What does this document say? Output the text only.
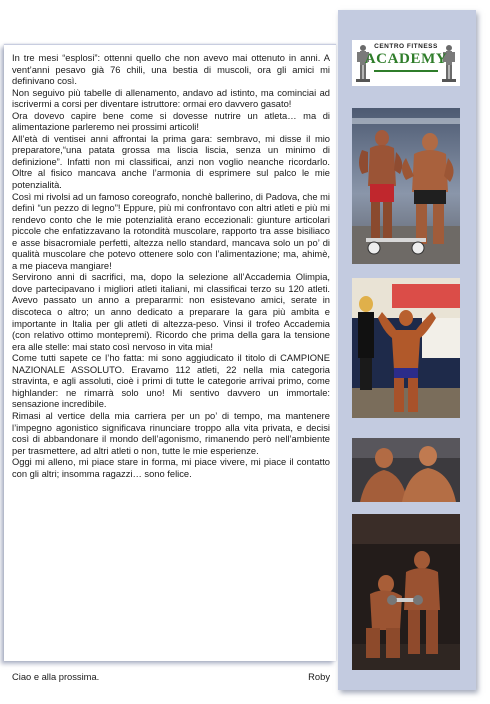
In tre mesi “esplosi”: ottenni quello che non avevo mai ottenuto in anni. A vent’anni pesavo già 76 chili, una bestia di muscoli, ora gli amici mi definivano così.

Non seguivo più tabelle di allenamento, andavo ad istinto, ma cominciai ad iscrivermi a corsi per diventare istruttore: ormai ero davvero gasato!

Ora dovevo capire bene come si dovesse nutrire un atleta… ma di alimentazione parleremo nei prossimi articoli!

All’età di ventisei anni affrontai la prima gara: sembravo, mi disse il mio preparatore,“una patata grossa ma liscia liscia, senza un minimo di definizione”. Infatti non mi classificai, anzi non voglio neanche ricordarlo. Oltre al fisico mancava anche l’armonia di esprimere sul palco le mie potenzialità.

Così mi rivolsi ad un famoso coreografo, nonchè ballerino, di Padova, che mi definì “un pezzo di legno”! Eppure, più mi confrontavo con altri atleti e più mi rendevo conto che le mie potenzialità erano eccezionali: giunture articolari piccole che enfatizzavano la rotondità muscolare, rapporto tra asse bisiliaco e asse bisacromiale perfetti, altezza nello standard, mancava solo un po’ di qualità muscolare che potevo ottenere solo con l’alimentazione; ma, ahimè, a me piaceva mangiare!

Servirono anni di sacrifici, ma, dopo la selezione all’Accademia Olimpia, dove partecipavano i migliori atleti italiani, mi classificai terzo su 120 atleti. Avevo passato un anno a prepararmi: non esistevano amici, serate in discoteca o altro; un anno dedicato a preparare la gara più ambita e importante in Italia per gli atleti di altezza-peso. Vinsi il trofeo Accademia (con relativo ottimo montepremi). Ricordo che prima della gara la tensione era alle stelle: mai stato così nervoso in vita mia!

Come tutti sapete ce l’ho fatta: mi sono aggiudicato il titolo di CAMPIONE NAZIONALE ASSOLUTO. Eravamo 112 atleti, 22 nella mia categoria stravinta, e agli assoluti, cioè i primi di tutte le categorie arrivai primo, come highlander: ne rimarrà solo uno! Mi sentivo davvero un immortale: sensazione incredibile.

Rimasi al vertice della mia carriera per un po’ di tempo, ma mantenere l’impegno agonistico significava rinunciare troppo alla vita privata, e decisi così di abbandonare il mondo dell’agonismo, rimanendo però nell’ambiente per trasmettere, ad altri atleti o non, tutte le mie esperienze.

Oggi mi alleno, mi piace stare in forma, mi piace vivere, mi piace il contatto con gli altri; insomma ragazzi… sono felice.

Ciao e alla prossima.	Roby
CENTRO FITNESS
ACADEMY
